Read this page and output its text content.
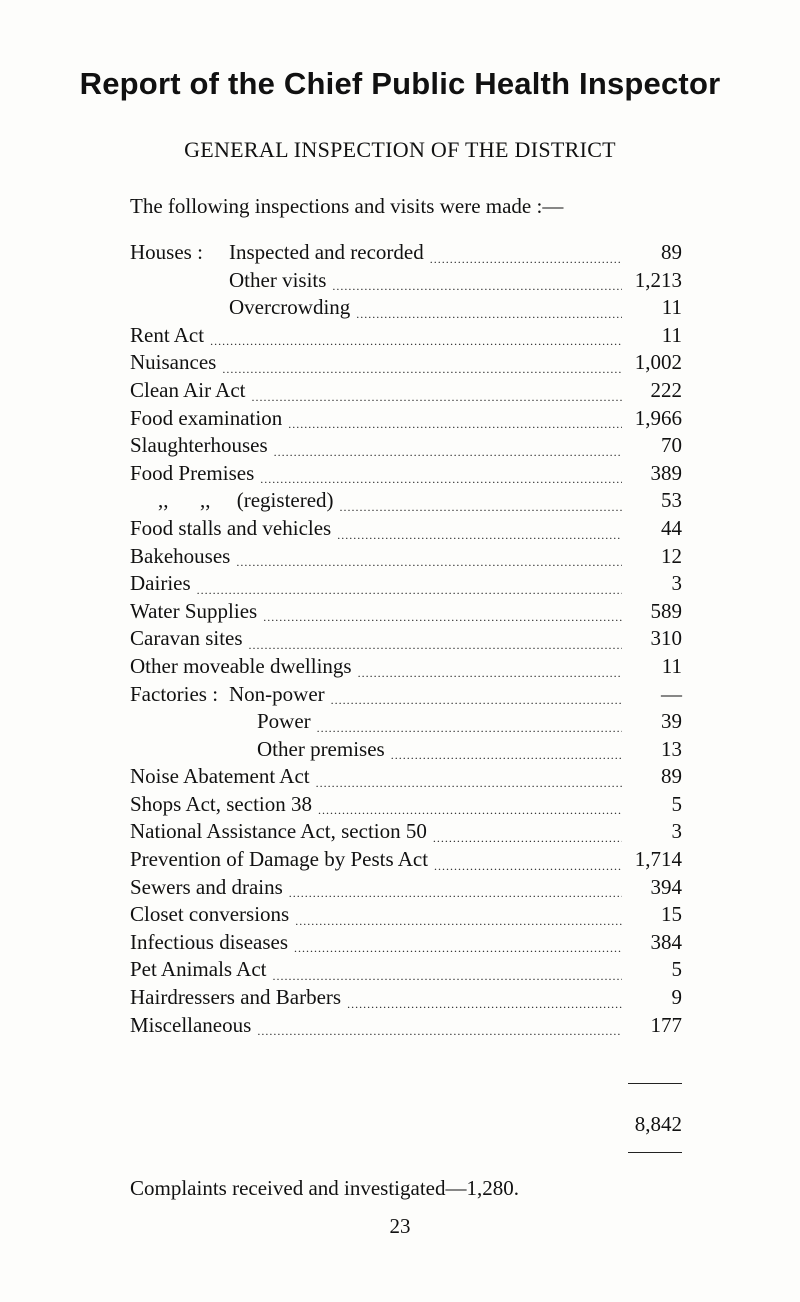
Report of the Chief Public Health Inspector
GENERAL INSPECTION OF THE DISTRICT
The following inspections and visits were made :—
Houses : Inspected and recorded .....	89
Other visits .....	1,213
Overcrowding .....	11
Rent Act .....	11
Nuisances .....	1,002
Clean Air Act .....	222
Food examination .....	1,966
Slaughterhouses .....	70
Food Premises .....	389
,,      ,,     (registered) .....	53
Food stalls and vehicles .....	44
Bakehouses .....	12
Dairies .....	3
Water Supplies .....	589
Caravan sites .....	310
Other moveable dwellings .....	11
Factories : Non-power .....	—
Power .....	39
Other premises .....	13
Noise Abatement Act .....	89
Shops Act, section 38 .....	5
National Assistance Act, section 50 .....	3
Prevention of Damage by Pests Act .....	1,714
Sewers and drains .....	394
Closet conversions .....	15
Infectious diseases .....	384
Pet Animals Act .....	5
Hairdressers and Barbers .....	9
Miscellaneous .....	177
8,842
Complaints received and investigated—1,280.
23
